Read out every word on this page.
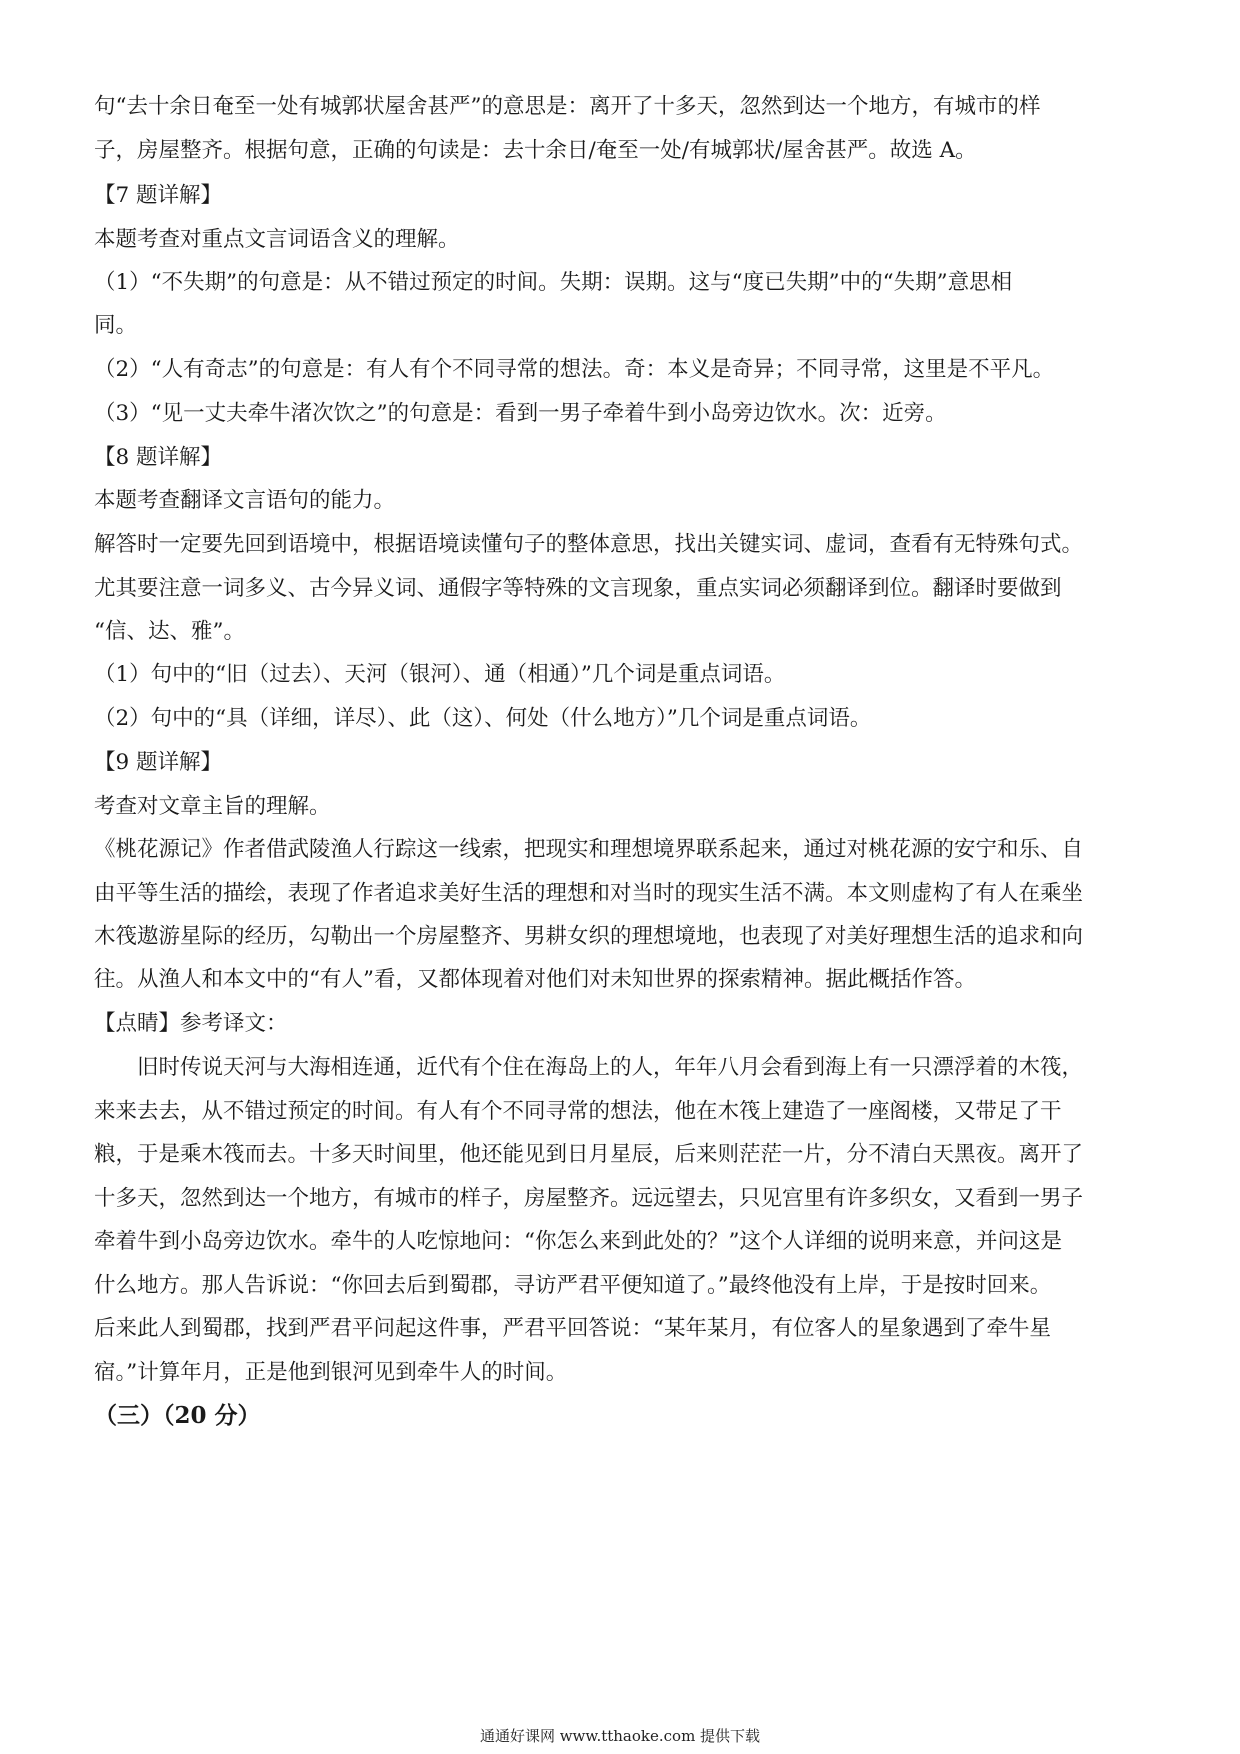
句“去十余日奄至一处有城郭状屋舍甚严”的意思是：离开了十多天，忽然到达一个地方，有城市的样
子，房屋整齐。根据句意，正确的句读是：去十余日/奄至一处/有城郭状/屋舍甚严。故选 A。
【7 题详解】
本题考查对重点文言词语含义的理解。
（1）“不失期”的句意是：从不错过预定的时间。失期：误期。这与“度已失期”中的“失期”意思相
同。
（2）“人有奇志”的句意是：有人有个不同寻常的想法。奇：本义是奇异；不同寻常，这里是不平凡。
（3）“见一丈夫牵牛渚次饮之”的句意是：看到一男子牵着牛到小岛旁边饮水。次：近旁。
【8 题详解】
本题考查翻译文言语句的能力。
解答时一定要先回到语境中，根据语境读懂句子的整体意思，找出关键实词、虚词，查看有无特殊句式。
尤其要注意一词多义、古今异义词、通假字等特殊的文言现象，重点实词必须翻译到位。翻译时要做到
“信、达、雅”。
（1）句中的“旧（过去）、天河（银河）、通（相通）”几个词是重点词语。
（2）句中的“具（详细，详尽）、此（这）、何处（什么地方）”几个词是重点词语。
【9 题详解】
考查对文章主旨的理解。
《桃花源记》作者借武陵渔人行踪这一线索，把现实和理想境界联系起来，通过对桃花源的安宁和乐、自
由平等生活的描绘，表现了作者追求美好生活的理想和对当时的现实生活不满。本文则虚构了有人在乘坐
木筏遨游星际的经历，勾勒出一个房屋整齐、男耕女织的理想境地，也表现了对美好理想生活的追求和向
往。从渔人和本文中的“有人”看，又都体现着对他们对未知世界的探索精神。据此概括作答。
【点睛】参考译文：
旧时传说天河与大海相连通，近代有个住在海岛上的人，年年八月会看到海上有一只漂浮着的木筏，
来来去去，从不错过预定的时间。有人有个不同寻常的想法，他在木筏上建造了一座阁楼，又带足了干
粮，于是乘木筏而去。十多天时间里，他还能见到日月星辰，后来则茫茫一片，分不清白天黑夜。离开了
十多天，忽然到达一个地方，有城市的样子，房屋整齐。远远望去，只见宫里有许多织女，又看到一男子
牵着牛到小岛旁边饮水。牵牛的人吃惊地问：“你怎么来到此处的？”这个人详细的说明来意，并问这是
什么地方。那人告诉说：“你回去后到蜀郡，寻访严君平便知道了。”最终他没有上岸，于是按时回来。
后来此人到蜀郡，找到严君平问起这件事，严君平回答说：“某年某月，有位客人的星象遇到了牵牛星
宿。”计算年月，正是他到银河见到牵牛人的时间。
（三）（20 分）
通通好课网 www.tthaoke.com 提供下载
